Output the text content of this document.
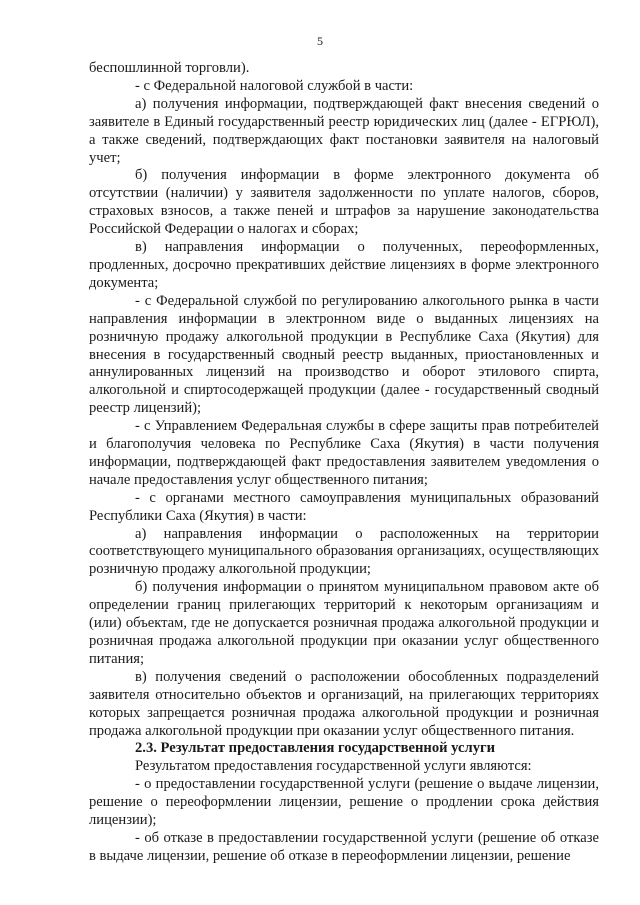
5

беспошлинной торговли).

- с Федеральной налоговой службой в части:

а) получения информации, подтверждающей факт внесения сведений о заявителе в Единый государственный реестр юридических лиц (далее - ЕГРЮЛ), а также сведений, подтверждающих факт постановки заявителя на налоговый учет;

б) получения информации в форме электронного документа об отсутствии (наличии) у заявителя задолженности по уплате налогов, сборов, страховых взносов, а также пеней и штрафов за нарушение законодательства Российской Федерации о налогах и сборах;

в) направления информации о полученных, переоформленных, продленных, досрочно прекративших действие лицензиях в форме электронного документа;

- с Федеральной службой по регулированию алкогольного рынка в части направления информации в электронном виде о выданных лицензиях на розничную продажу алкогольной продукции в Республике Саха (Якутия) для внесения в государственный сводный реестр выданных, приостановленных и аннулированных лицензий на производство и оборот этилового спирта, алкогольной и спиртосодержащей продукции (далее - государственный сводный реестр лицензий);

- с Управлением Федеральная службы в сфере защиты прав потребителей и благополучия человека по Республике Саха (Якутия) в части получения информации, подтверждающей факт предоставления заявителем уведомления о начале предоставления услуг общественного питания;

- с органами местного самоуправления муниципальных образований Республики Саха (Якутия) в части:

а) направления информации о расположенных на территории соответствующего муниципального образования организациях, осуществляющих розничную продажу алкогольной продукции;

б) получения информации о принятом муниципальном правовом акте об определении границ прилегающих территорий к некоторым организациям и (или) объектам, где не допускается розничная продажа алкогольной продукции и розничная продажа алкогольной продукции при оказании услуг общественного питания;

в) получения сведений о расположении обособленных подразделений заявителя относительно объектов и организаций, на прилегающих территориях которых запрещается розничная продажа алкогольной продукции и розничная продажа алкогольной продукции при оказании услуг общественного питания.

2.3. Результат предоставления государственной услуги

Результатом предоставления государственной услуги являются:

- о предоставлении государственной услуги (решение о выдаче лицензии, решение о переоформлении лицензии, решение о продлении срока действия лицензии);

- об отказе в предоставлении государственной услуги (решение об отказе в выдаче лицензии, решение об отказе в переоформлении лицензии, решение
